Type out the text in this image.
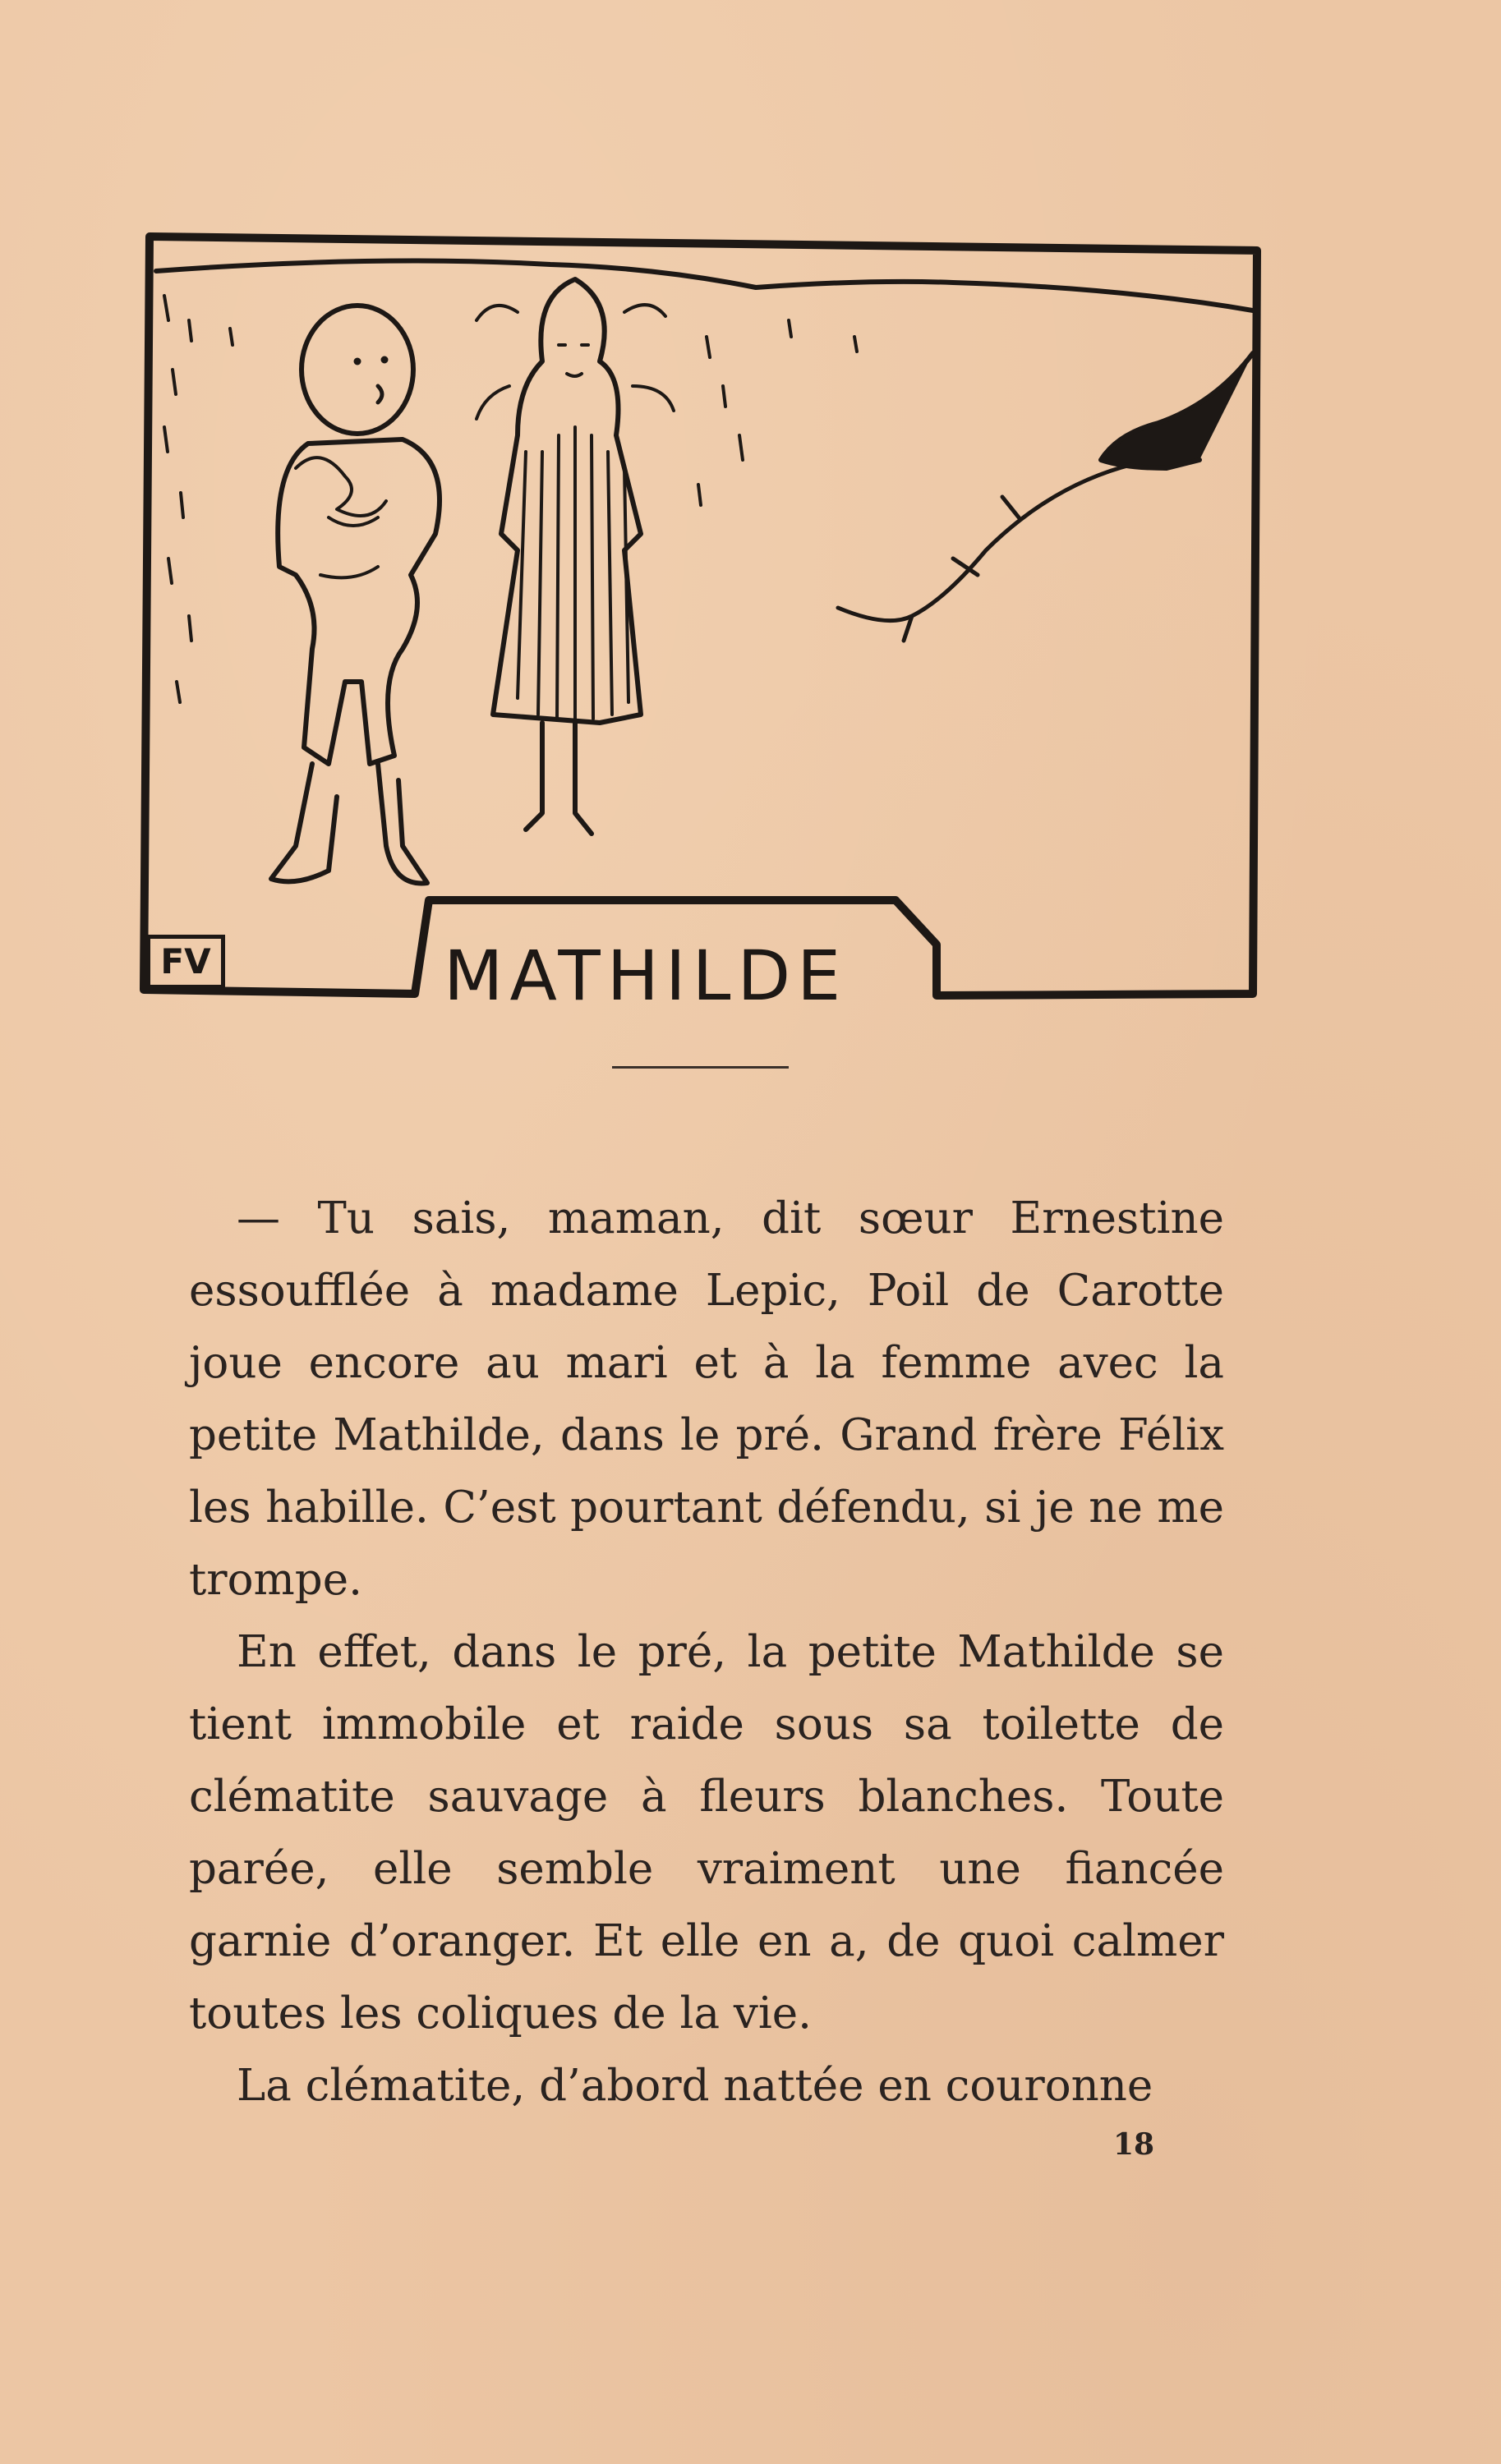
FV	MATHILDE

— Tu sais, maman, dit sœur Ernestine essoufflée à madame Lepic, Poil de Carotte joue encore au mari et à la femme avec la petite Mathilde, dans le pré. Grand frère Félix les habille. C’est pourtant défendu, si je ne me trompe.

En effet, dans le pré, la petite Mathilde se tient immobile et raide sous sa toilette de clématite sauvage à fleurs blanches. Toute parée, elle semble vraiment une fiancée garnie d’oranger. Et elle en a, de quoi calmer toutes les coliques de la vie.

La clématite, d’abord nattée en couronne

18
